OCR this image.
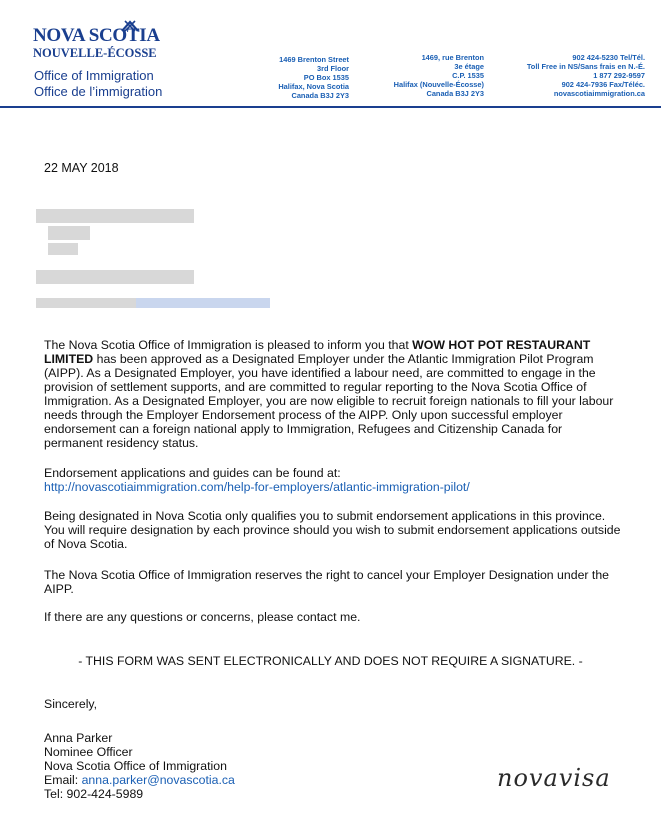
NOVA SCOTIA
NOUVELLE-ÉCOSSE
Office of Immigration
Office de l’immigration
1469 Brenton Street
3rd Floor
PO Box 1535
Halifax, Nova Scotia
Canada B3J 2Y3
1469, rue Brenton
3e étage
C.P. 1535
Halifax (Nouvelle-Écosse)
Canada B3J 2Y3
902 424-5230 Tel/Tél.
Toll Free in NS/Sans frais en N.-É.
1 877 292-9597
902 424-7936 Fax/Téléc.
novascotiaimmigration.ca
22 MAY 2018
The Nova Scotia Office of Immigration is pleased to inform you that WOW HOT POT RESTAURANT LIMITED has been approved as a Designated Employer under the Atlantic Immigration Pilot Program (AIPP). As a Designated Employer, you have identified a labour need, are committed to engage in the provision of settlement supports, and are committed to regular reporting to the Nova Scotia Office of Immigration. As a Designated Employer, you are now eligible to recruit foreign nationals to fill your labour needs through the Employer Endorsement process of the AIPP. Only upon successful employer endorsement can a foreign national apply to Immigration, Refugees and Citizenship Canada for permanent residency status.
Endorsement applications and guides can be found at:
http://novascotiaimmigration.com/help-for-employers/atlantic-immigration-pilot/
Being designated in Nova Scotia only qualifies you to submit endorsement applications in this province. You will require designation by each province should you wish to submit endorsement applications outside of Nova Scotia.
The Nova Scotia Office of Immigration reserves the right to cancel your Employer Designation under the AIPP.
If there are any questions or concerns, please contact me.
- THIS FORM WAS SENT ELECTRONICALLY AND DOES NOT REQUIRE A SIGNATURE. -
Sincerely,
Anna Parker
Nominee Officer
Nova Scotia Office of Immigration
Email: anna.parker@novascotia.ca
Tel: 902-424-5989
novavisa
